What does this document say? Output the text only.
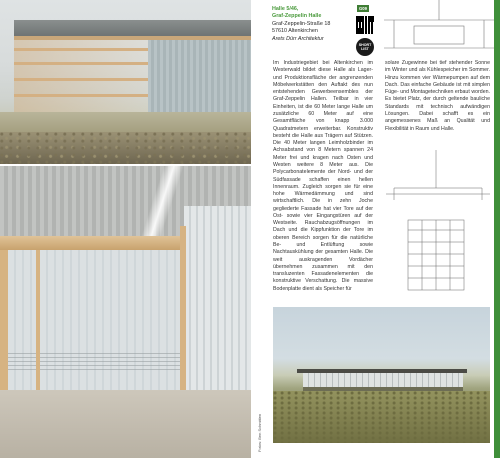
Fotos: Ben Schmitten
Halle 5/46,
Graf-Zeppelin Halle
Graf-Zeppelin-Straße 18
57610 Altenkirchen
Arets Dürr Architektur
G09
SHORT
LIST
Im Industriegebiet bei Altenkirchen im Westerwald bildet diese Halle als Lager- und Produktionsfläche der angrenzenden Möbelwerkstätten den Auftakt des nun entstehenden Gewerbeensembles der Graf-Zeppelin Hallen. Teilbar in vier Einheiten, ist die 60 Meter lange Halle um zusätzliche 60 Meter auf eine Gesamtfläche von knapp 3.000 Quadratmetern erweiterbar. Konstruktiv besteht die Halle aus Trägern auf Stützen. Die 40 Meter langen Leimholzbinder im Achsabstand von 8 Metern spannen 24 Meter frei und kragen nach Osten und Westen weitere 8 Meter aus. Die Polycarbonatelemente der Nord- und der Südfassade schaffen einen hellen Innenraum. Zugleich sorgen sie für eine hohe Wärmedämmung und sind wirtschaftlich. Die in zehn Joche gegliederte Fassade hat vier Tore auf der Ost- sowie vier Eingangstüren auf der Westseite. Rauchabzugsöffnungen im Dach und die Kippfunktion der Tore im oberen Bereich sorgen für die natürliche Be- und Entlüftung sowie Nachtauskühlung der gesamten Halle. Die weit auskragenden Vordächer übernehmen zusammen mit den transluzenten Fassadenelementen die konstruktive Verschattung. Die massive Bodenplatte dient als Speicher für
solare Zugewinne bei tief stehender Sonne im Winter und als Kühlespeicher im Sommer. Hinzu kommen vier Wärmepumpen auf dem Dach. Das einfache Gebäude ist mit simplen Füge- und Montagetechniken erbaut worden. Es bietet Platz, der durch geltende bauliche Standards mit technisch aufwändigen Lösungen. Dabei schafft es ein angemessenes Maß an Qualität und Flexibilität in Raum und Halle.
